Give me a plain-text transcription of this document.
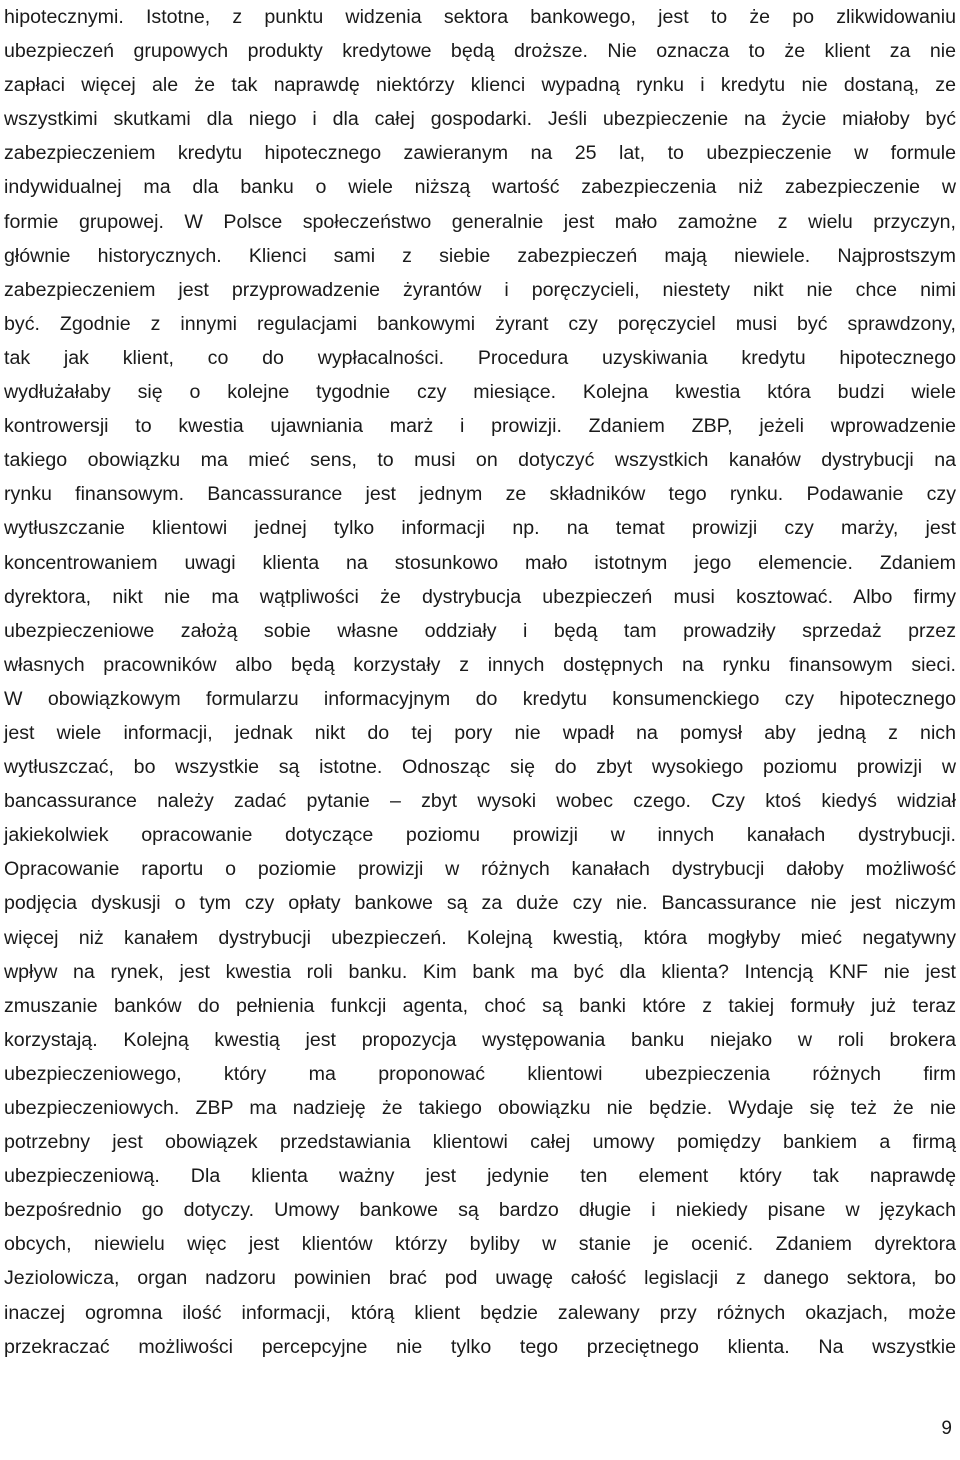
hipotecznymi. Istotne, z punktu widzenia sektora bankowego, jest to że po zlikwidowaniu
ubezpieczeń grupowych produkty kredytowe będą droższe. Nie oznacza to że klient za nie
zapłaci więcej ale że tak naprawdę niektórzy klienci wypadną rynku i kredytu nie dostaną, ze
wszystkimi skutkami dla niego i dla całej gospodarki. Jeśli ubezpieczenie na życie miałoby być
zabezpieczeniem kredytu hipotecznego zawieranym na 25 lat, to ubezpieczenie w formule
indywidualnej ma dla banku o wiele niższą wartość zabezpieczenia niż zabezpieczenie w
formie grupowej. W Polsce społeczeństwo generalnie jest mało zamożne z wielu przyczyn,
głównie historycznych. Klienci sami z siebie zabezpieczeń mają niewiele. Najprostszym
zabezpieczeniem jest przyprowadzenie żyrantów i poręczycieli, niestety nikt nie chce nimi
być. Zgodnie z innymi regulacjami bankowymi żyrant czy poręczyciel musi być sprawdzony,
tak jak klient, co do wypłacalności. Procedura uzyskiwania kredytu hipotecznego
wydłużałaby się o kolejne tygodnie czy miesiące. Kolejna kwestia która budzi wiele
kontrowersji to kwestia ujawniania marż i prowizji. Zdaniem ZBP, jeżeli wprowadzenie
takiego obowiązku ma mieć sens, to musi on dotyczyć wszystkich kanałów dystrybucji na
rynku finansowym. Bancassurance jest jednym ze składników tego rynku. Podawanie czy
wytłuszczanie klientowi jednej tylko informacji np. na temat prowizji czy marży, jest
koncentrowaniem uwagi klienta na stosunkowo mało istotnym jego elemencie. Zdaniem
dyrektora, nikt nie ma wątpliwości że dystrybucja ubezpieczeń musi kosztować. Albo firmy
ubezpieczeniowe założą sobie własne oddziały i będą tam prowadziły sprzedaż przez
własnych pracowników albo będą korzystały z innych dostępnych na rynku finansowym sieci.
W obowiązkowym formularzu informacyjnym do kredytu konsumenckiego czy hipotecznego
jest wiele informacji, jednak nikt do tej pory nie wpadł na pomysł aby jedną z nich
wytłuszczać, bo wszystkie są istotne. Odnosząc się do zbyt wysokiego poziomu prowizji w
bancassurance należy zadać pytanie – zbyt wysoki wobec czego. Czy ktoś kiedyś widział
jakiekolwiek opracowanie dotyczące poziomu prowizji w innych kanałach dystrybucji.
Opracowanie raportu o poziomie prowizji w różnych kanałach dystrybucji dałoby możliwość
podjęcia dyskusji o tym czy opłaty bankowe są za duże czy nie. Bancassurance nie jest niczym
więcej niż kanałem dystrybucji ubezpieczeń. Kolejną kwestią, która mogłyby mieć negatywny
wpływ na rynek, jest kwestia roli banku. Kim bank ma być dla klienta? Intencją KNF nie jest
zmuszanie banków do pełnienia funkcji agenta, choć są banki które z takiej formuły już teraz
korzystają. Kolejną kwestią jest propozycja występowania banku niejako w roli brokera
ubezpieczeniowego, który ma proponować klientowi ubezpieczenia różnych firm
ubezpieczeniowych. ZBP ma nadzieję że takiego obowiązku nie będzie. Wydaje się też że nie
potrzebny jest obowiązek przedstawiania klientowi całej umowy pomiędzy bankiem a firmą
ubezpieczeniową. Dla klienta ważny jest jedynie ten element który tak naprawdę
bezpośrednio go dotyczy. Umowy bankowe są bardzo długie i niekiedy pisane w językach
obcych, niewielu więc jest klientów którzy byliby w stanie je ocenić. Zdaniem dyrektora
Jeziolowicza, organ nadzoru powinien brać pod uwagę całość legislacji z danego sektora, bo
inaczej ogromna ilość informacji, którą klient będzie zalewany przy różnych okazjach, może
przekraczać możliwości percepcyjne nie tylko tego przeciętnego klienta. Na wszystkie
9
